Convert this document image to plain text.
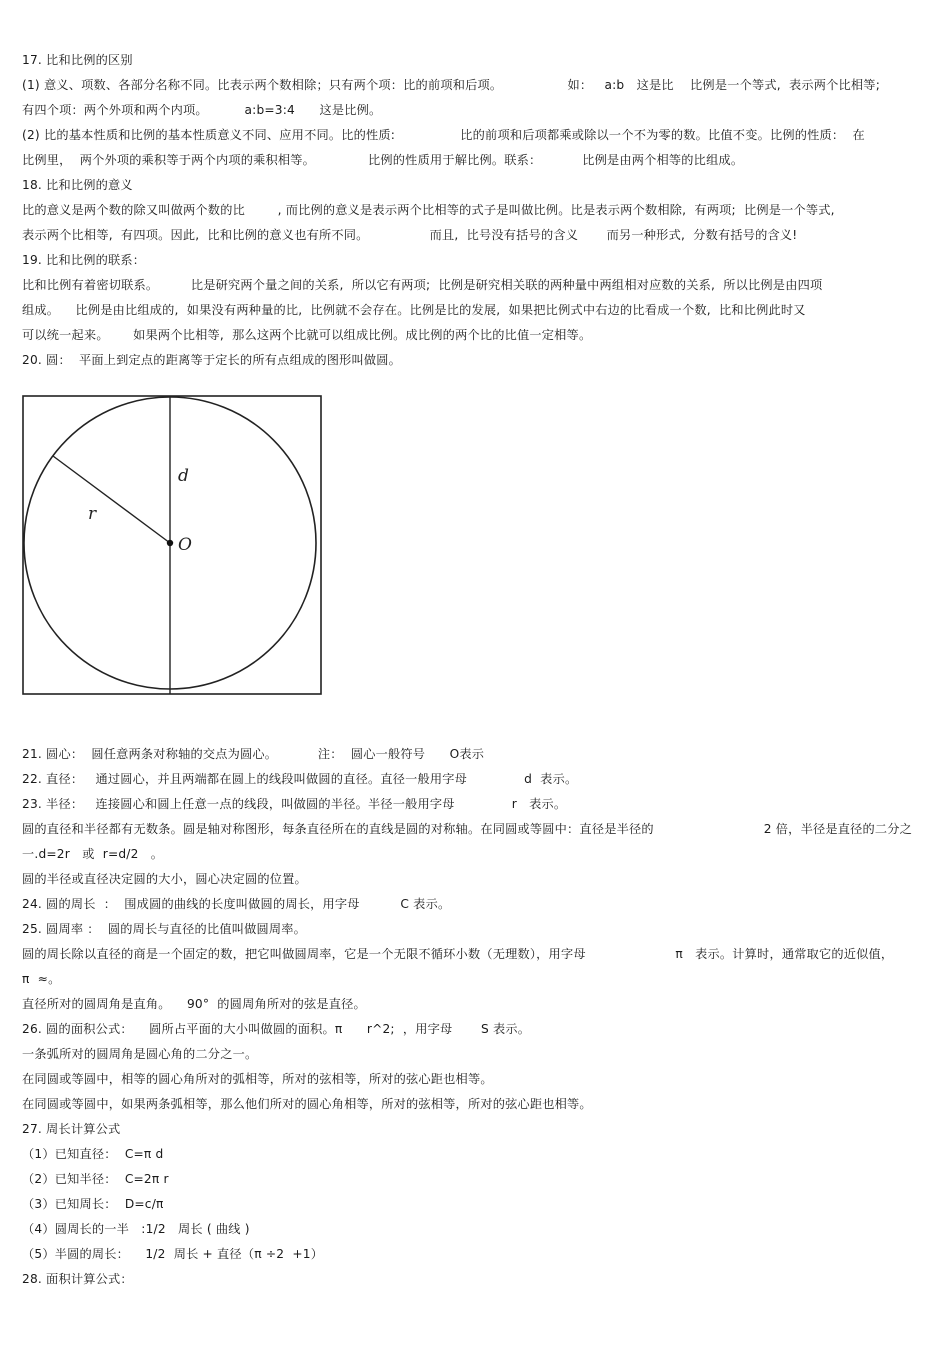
17. 比和比例的区别
(1) 意义、项数、各部分名称不同。比表示两个数相除；只有两个项：比的前项和后项。                如：   a:b   这是比    比例是一个等式,  表示两个比相等;
有四个项：两个外项和两个内项。         a:b=3:4      这是比例。
(2) 比的基本性质和比例的基本性质意义不同、应用不同。比的性质:                比的前项和后项都乘或除以一个不为零的数。比值不变。比例的性质：  在
比例里，  两个外项的乘积等于两个内项的乘积相等。             比例的性质用于解比例。联系：          比例是由两个相等的比组成。
18. 比和比例的意义
比的意义是两个数的除又叫做两个数的比        , 而比例的意义是表示两个比相等的式子是叫做比例。比是表示两个数相除,  有两项;  比例是一个等式,
表示两个比相等,  有四项。因此,  比和比例的意义也有所不同。               而且,  比号没有括号的含义       而另一种形式,  分数有括号的含义!
19. 比和比例的联系：
比和比例有着密切联系。        比是研究两个量之间的关系,  所以它有两项;  比例是研究相关联的两种量中两组相对应数的关系,  所以比例是由四项
组成。    比例是由比组成的,  如果没有两种量的比,  比例就不会存在。比例是比的发展,  如果把比例式中右边的比看成一个数,  比和比例此时又
可以统一起来。      如果两个比相等,  那么这两个比就可以组成比例。成比例的两个比的比值一定相等。
20. 圆：  平面上到定点的距离等于定长的所有点组成的图形叫做圆。
d
r
O
21. 圆心：  圆任意两条对称轴的交点为圆心。          注：  圆心一般符号      O表示
22. 直径：   通过圆心，并且两端都在圆上的线段叫做圆的直径。直径一般用字母              d  表示。
23. 半径：   连接圆心和圆上任意一点的线段，叫做圆的半径。半径一般用字母              r   表示。
圆的直径和半径都有无数条。圆是轴对称图形，每条直径所在的直线是圆的对称轴。在同圆或等圆中：直径是半径的                           2 倍，半径是直径的二分之
一.d=2r   或  r=d/2   。
圆的半径或直径决定圆的大小，圆心决定圆的位置。
24. 圆的周长  ：  围成圆的曲线的长度叫做圆的周长，用字母          C 表示。
25. 圆周率 ：  圆的周长与直径的比值叫做圆周率。
圆的周长除以直径的商是一个固定的数，把它叫做圆周率，它是一个无限不循环小数（无理数），用字母                      π   表示。计算时，通常取它的近似值，
π  ≈。
直径所对的圆周角是直角。    90°  的圆周角所对的弦是直径。
26. 圆的面积公式：    圆所占平面的大小叫做圆的面积。π      r^2;  ，用字母       S 表示。
一条弧所对的圆周角是圆心角的二分之一。
在同圆或等圆中，相等的圆心角所对的弧相等，所对的弦相等，所对的弦心距也相等。
在同圆或等圆中，如果两条弧相等，那么他们所对的圆心角相等，所对的弦相等，所对的弦心距也相等。
27. 周长计算公式
（1）已知直径：  C=π d
（2）已知半径：  C=2π r
（3）已知周长：  D=c/π
（4）圆周长的一半   :1/2   周长 ( 曲线 )
（5）半圆的周长：    1/2  周长 + 直径（π ÷2  +1）
28. 面积计算公式：
